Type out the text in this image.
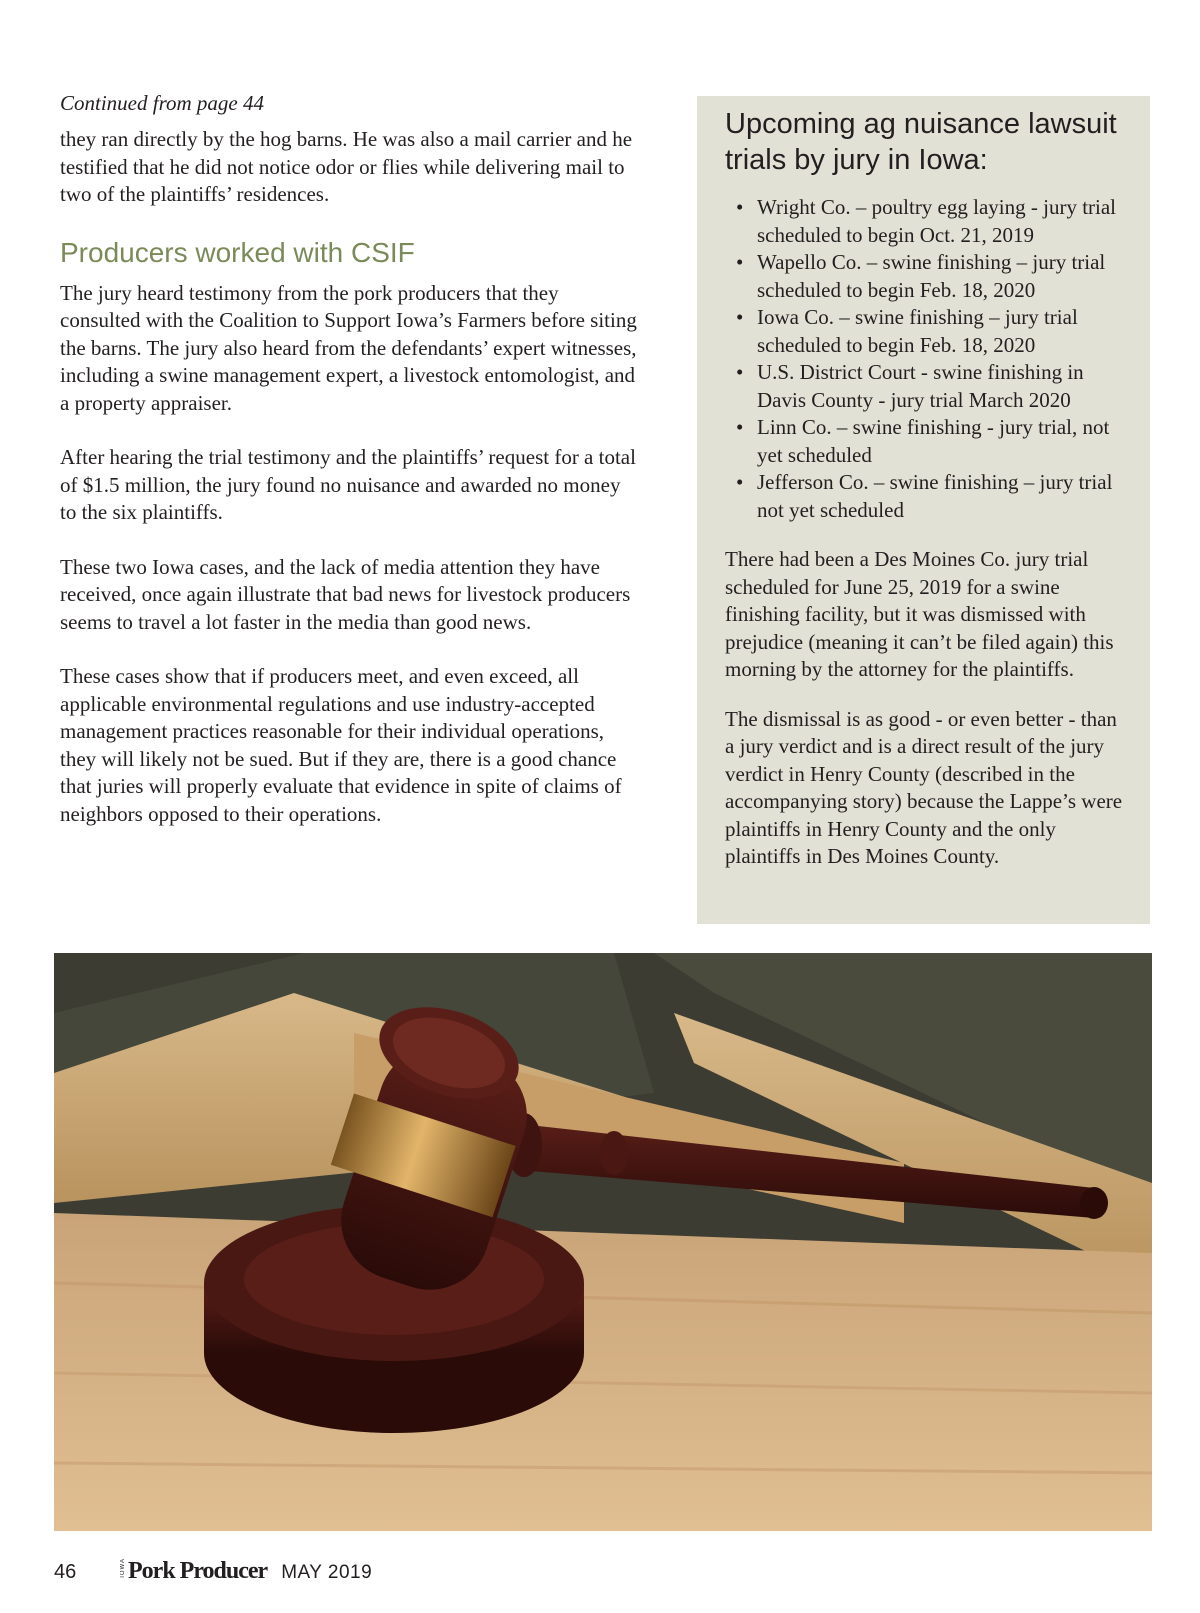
Continued from page 44

they ran directly by the hog barns. He was also a mail carrier and he testified that he did not notice odor or flies while delivering mail to two of the plaintiffs’ residences.

Producers worked with CSIF

The jury heard testimony from the pork producers that they consulted with the Coalition to Support Iowa’s Farmers before siting the barns. The jury also heard from the defendants’ expert witnesses, including a swine management expert, a livestock entomologist, and a property appraiser.

After hearing the trial testimony and the plaintiffs’ request for a total of $1.5 million, the jury found no nuisance and awarded no money to the six plaintiffs.

These two Iowa cases, and the lack of media attention they have received, once again illustrate that bad news for livestock producers seems to travel a lot faster in the media than good news.

These cases show that if producers meet, and even exceed, all applicable environmental regulations and use industry-accepted management practices reasonable for their individual operations, they will likely not be sued. But if they are, there is a good chance that juries will properly evaluate that evidence in spite of claims of neighbors opposed to their operations.

Upcoming ag nuisance lawsuit trials by jury in Iowa:
• Wright Co. – poultry egg laying - jury trial scheduled to begin Oct. 21, 2019
• Wapello Co. – swine finishing – jury trial scheduled to begin Feb. 18, 2020
• Iowa Co. – swine finishing – jury trial scheduled to begin Feb. 18, 2020
• U.S. District Court - swine finishing in Davis County - jury trial March 2020
• Linn Co. – swine finishing - jury trial, not yet scheduled
• Jefferson Co. – swine finishing – jury trial not yet scheduled

There had been a Des Moines Co. jury trial scheduled for June 25, 2019 for a swine finishing facility, but it was dismissed with prejudice (meaning it can’t be filed again) this morning by the attorney for the plaintiffs.

The dismissal is as good - or even better - than a jury verdict and is a direct result of the jury verdict in Henry County (described in the accompanying story) because the Lappe’s were plaintiffs in Henry County and the only plaintiffs in Des Moines County.

46	IOWA Pork Producer MAY 2019
